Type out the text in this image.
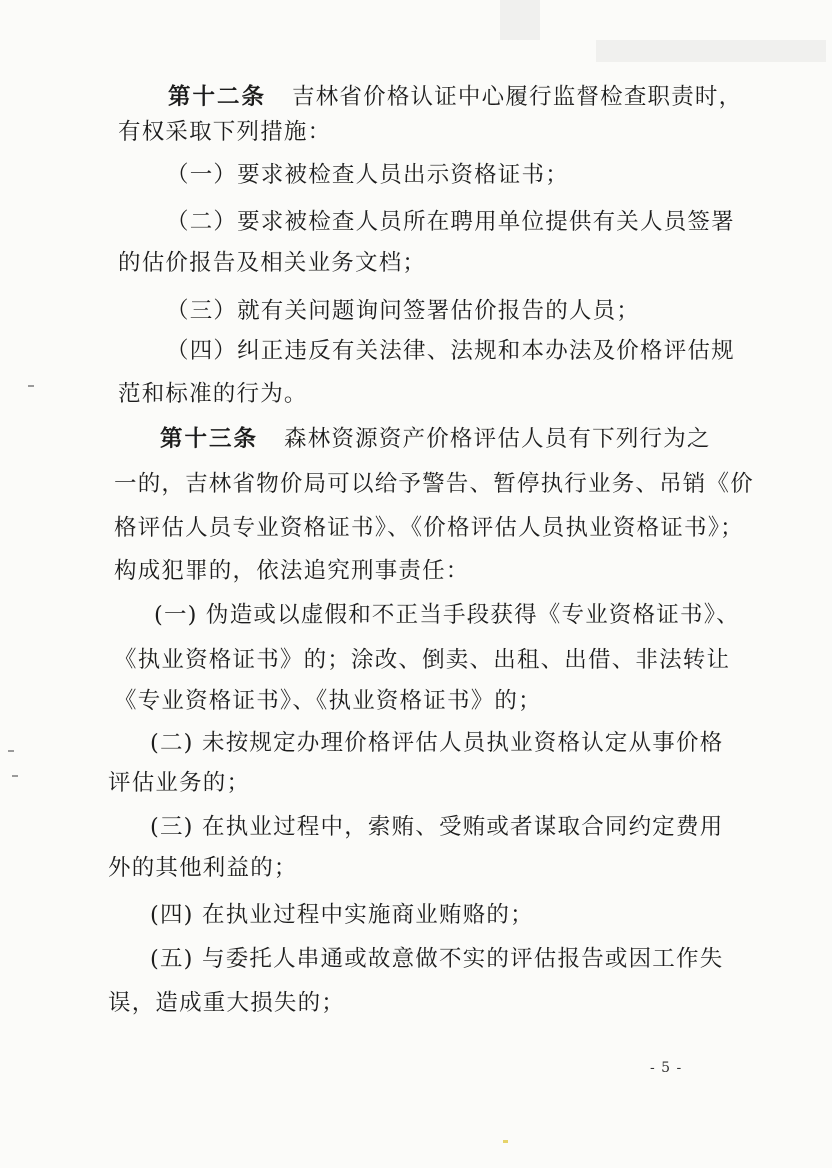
第十二条 吉林省价格认证中心履行监督检查职责时，
有权采取下列措施：
（一）要求被检查人员出示资格证书；
（二）要求被检查人员所在聘用单位提供有关人员签署
的估价报告及相关业务文档；
（三）就有关问题询问签署估价报告的人员；
（四）纠正违反有关法律、法规和本办法及价格评估规
范和标准的行为。
第十三条 森林资源资产价格评估人员有下列行为之
一的，吉林省物价局可以给予警告、暂停执行业务、吊销《价
格评估人员专业资格证书》、《价格评估人员执业资格证书》；
构成犯罪的，依法追究刑事责任：
(一) 伪造或以虚假和不正当手段获得《专业资格证书》、
《执业资格证书》的；涂改、倒卖、出租、出借、非法转让
《专业资格证书》、《执业资格证书》的；
(二) 未按规定办理价格评估人员执业资格认定从事价格
评估业务的；
(三) 在执业过程中，索贿、受贿或者谋取合同约定费用
外的其他利益的；
(四) 在执业过程中实施商业贿赂的；
(五) 与委托人串通或故意做不实的评估报告或因工作失
误，造成重大损失的；
- 5 -
